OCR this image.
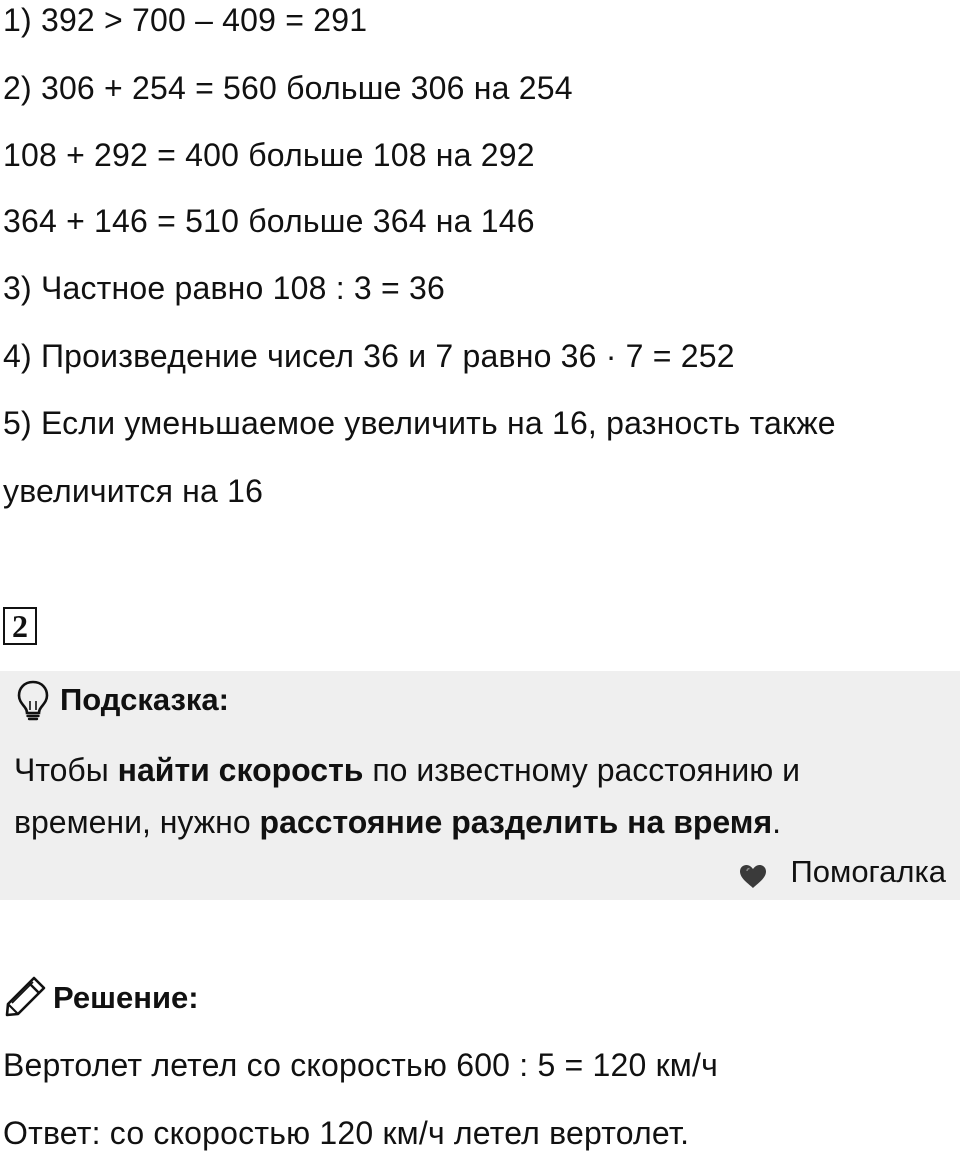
1) 392 > 700 – 409 = 291
2) 306 + 254 = 560 больше 306 на 254
108 + 292 = 400 больше 108 на 292
364 + 146 = 510 больше 364 на 146
3) Частное равно 108 : 3 = 36
4) Произведение чисел 36 и 7 равно 36 · 7 = 252
5) Если уменьшаемое увеличить на 16, разность также
увеличится на 16
2
Подсказка:
Чтобы найти скорость по известному расстоянию и
времени, нужно расстояние разделить на время.
Помогалка
Решение:
Вертолет летел со скоростью 600 : 5 = 120 км/ч
Ответ: со скоростью 120 км/ч летел вертолет.
